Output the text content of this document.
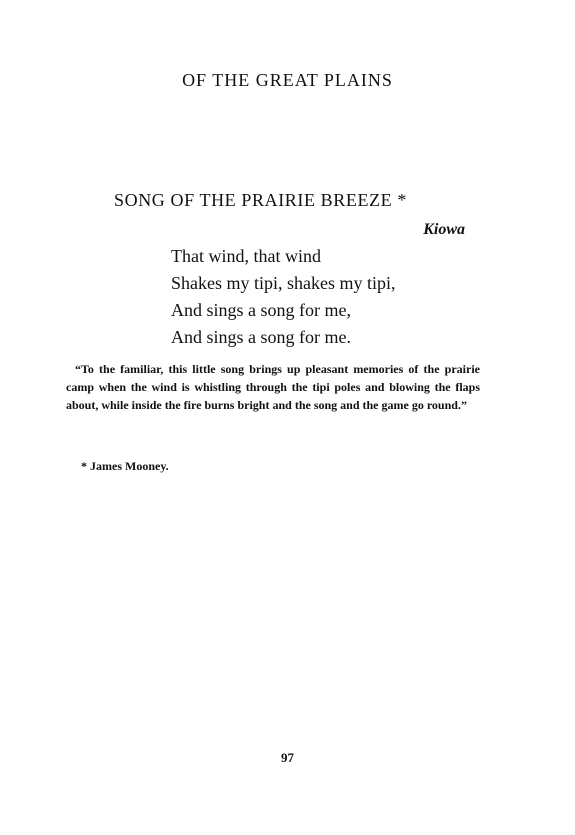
OF THE GREAT PLAINS
SONG OF THE PRAIRIE BREEZE *
Kiowa
That wind, that wind
Shakes my tipi, shakes my tipi,
And sings a song for me,
And sings a song for me.
“To the familiar, this little song brings up pleasant memories of the prairie camp when the wind is whistling through the tipi poles and blowing the flaps about, while inside the fire burns bright and the song and the game go round.”
* James Mooney.
97
